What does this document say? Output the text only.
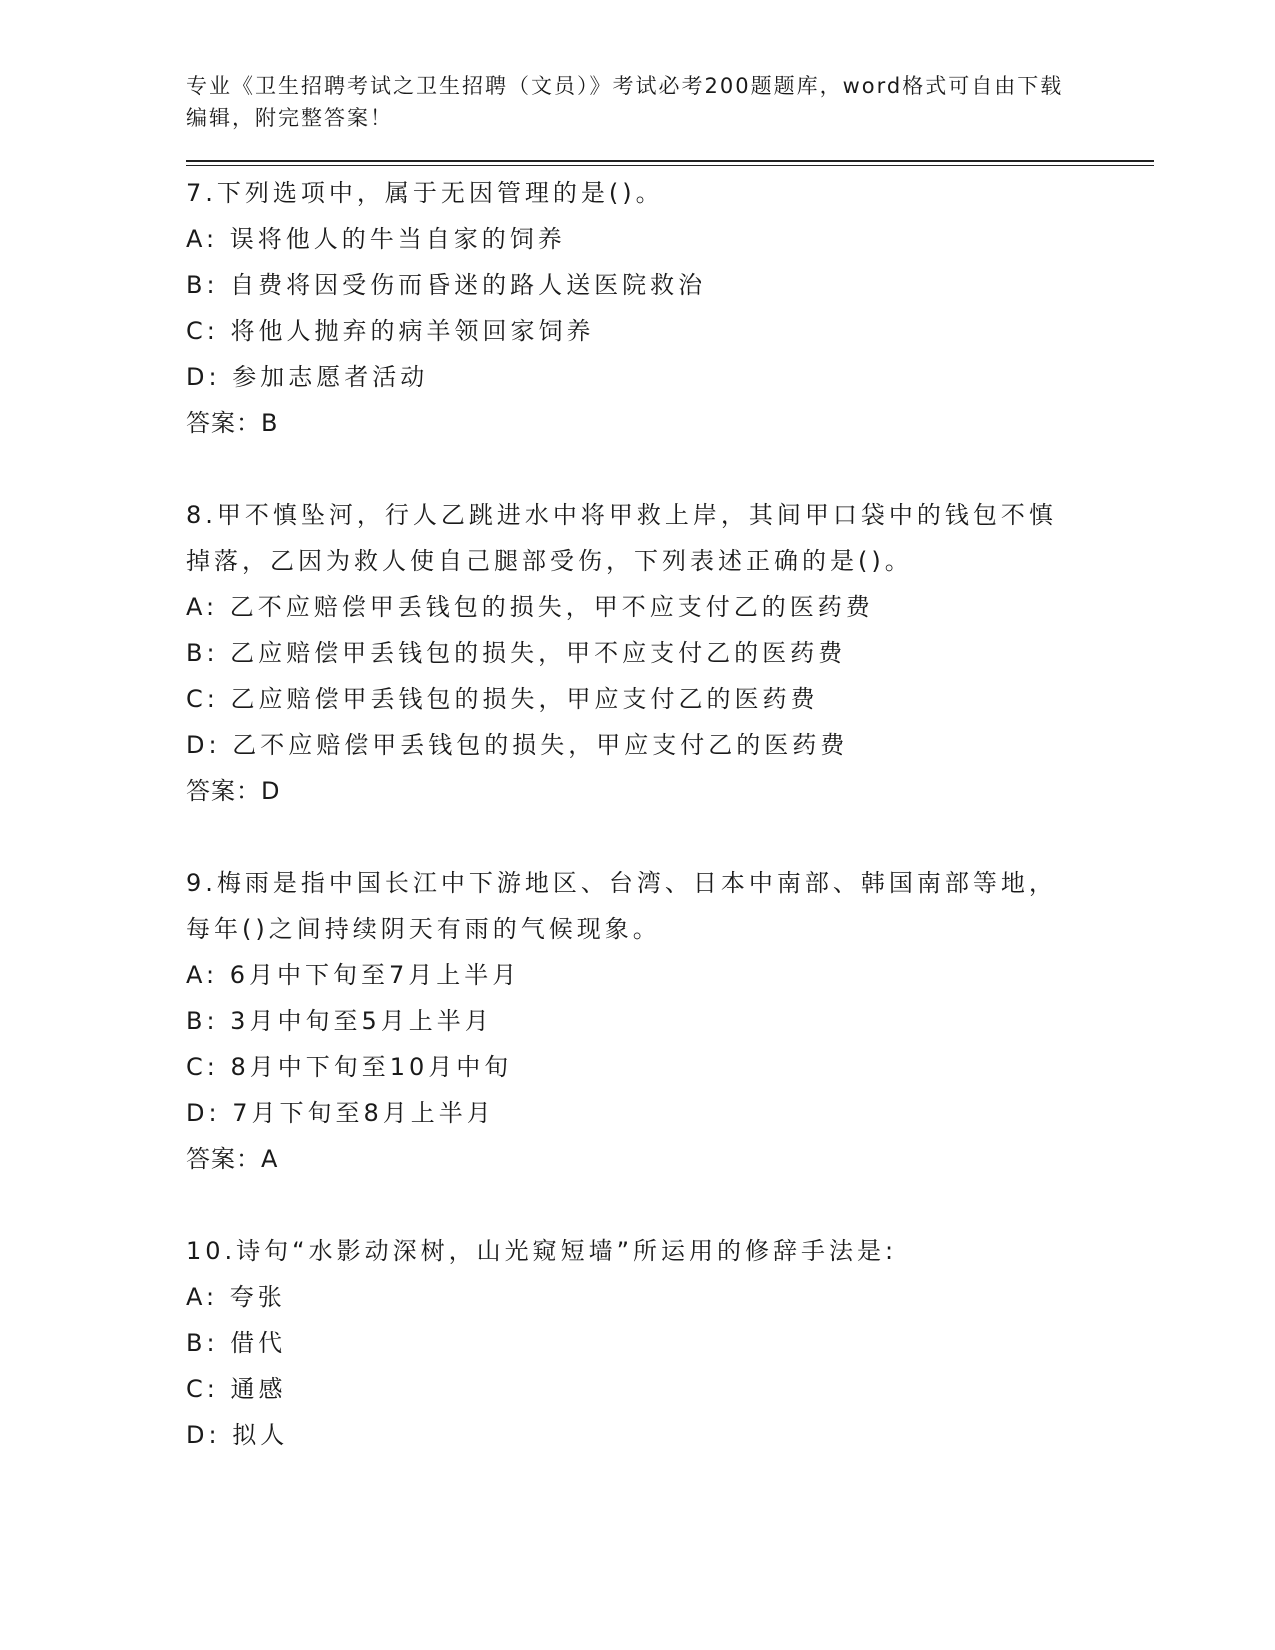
专业《卫生招聘考试之卫生招聘（文员）》考试必考200题题库，word格式可自由下载编辑，附完整答案！

7.下列选项中，属于无因管理的是()。

A: 误将他人的牛当自家的饲养

B: 自费将因受伤而昏迷的路人送医院救治

C: 将他人抛弃的病羊领回家饲养

D: 参加志愿者活动

答案：B

8.甲不慎坠河，行人乙跳进水中将甲救上岸，其间甲口袋中的钱包不慎掉落，乙因为救人使自己腿部受伤，下列表述正确的是()。

A: 乙不应赔偿甲丢钱包的损失，甲不应支付乙的医药费

B: 乙应赔偿甲丢钱包的损失，甲不应支付乙的医药费

C: 乙应赔偿甲丢钱包的损失，甲应支付乙的医药费

D: 乙不应赔偿甲丢钱包的损失，甲应支付乙的医药费

答案：D

9.梅雨是指中国长江中下游地区、台湾、日本中南部、韩国南部等地，每年()之间持续阴天有雨的气候现象。

A: 6月中下旬至7月上半月

B: 3月中旬至5月上半月

C: 8月中下旬至10月中旬

D: 7月下旬至8月上半月

答案：A

10.诗句“水影动深树，山光窥短墙”所运用的修辞手法是:

A: 夸张

B: 借代

C: 通感

D: 拟人
